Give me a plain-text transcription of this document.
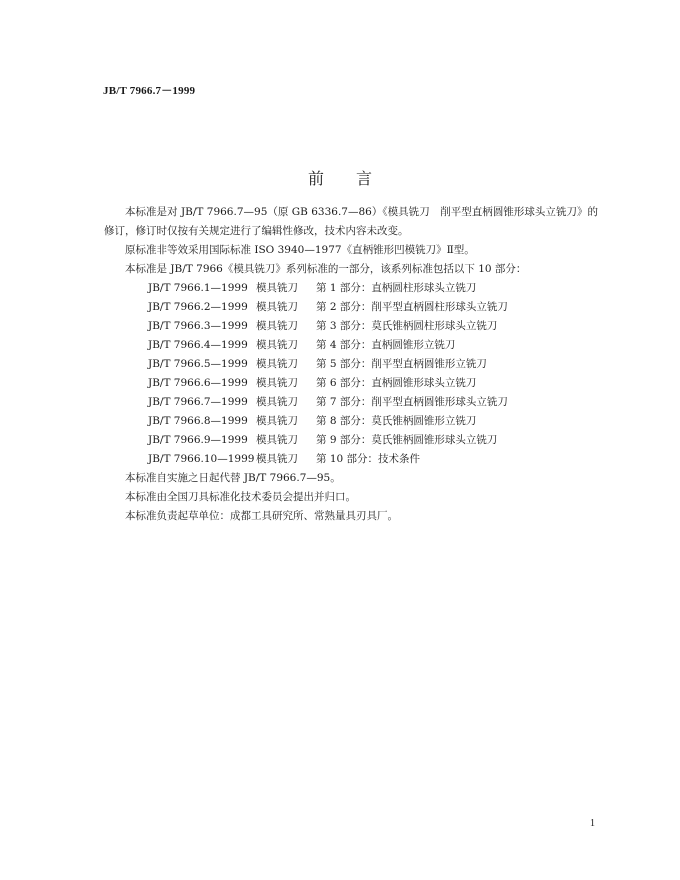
JB/T 7966.7－1999
前言

本标准是对 JB/T 7966.7—95（原 GB 6336.7—86）《模具铣刀　削平型直柄圆锥形球头立铣刀》的修订，修订时仅按有关规定进行了编辑性修改，技术内容未改变。

原标准非等效采用国际标准 ISO 3940—1977《直柄锥形凹模铣刀》Ⅱ型。

本标准是 JB/T 7966《模具铣刀》系列标准的一部分，该系列标准包括以下 10 部分：

JB/T 7966.1—1999 模具铣刀	第 1 部分：直柄圆柱形球头立铣刀
JB/T 7966.2—1999 模具铣刀	第 2 部分：削平型直柄圆柱形球头立铣刀
JB/T 7966.3—1999 模具铣刀	第 3 部分：莫氏锥柄圆柱形球头立铣刀
JB/T 7966.4—1999 模具铣刀	第 4 部分：直柄圆锥形立铣刀
JB/T 7966.5—1999 模具铣刀	第 5 部分：削平型直柄圆锥形立铣刀
JB/T 7966.6—1999 模具铣刀	第 6 部分：直柄圆锥形球头立铣刀
JB/T 7966.7—1999 模具铣刀	第 7 部分：削平型直柄圆锥形球头立铣刀
JB/T 7966.8—1999 模具铣刀	第 8 部分：莫氏锥柄圆锥形立铣刀
JB/T 7966.9—1999 模具铣刀	第 9 部分：莫氏锥柄圆锥形球头立铣刀
JB/T 7966.10—1999 模具铣刀	第 10 部分：技术条件

本标准自实施之日起代替 JB/T 7966.7—95。

本标准由全国刀具标准化技术委员会提出并归口。

本标准负责起草单位：成都工具研究所、常熟量具刃具厂。

1
